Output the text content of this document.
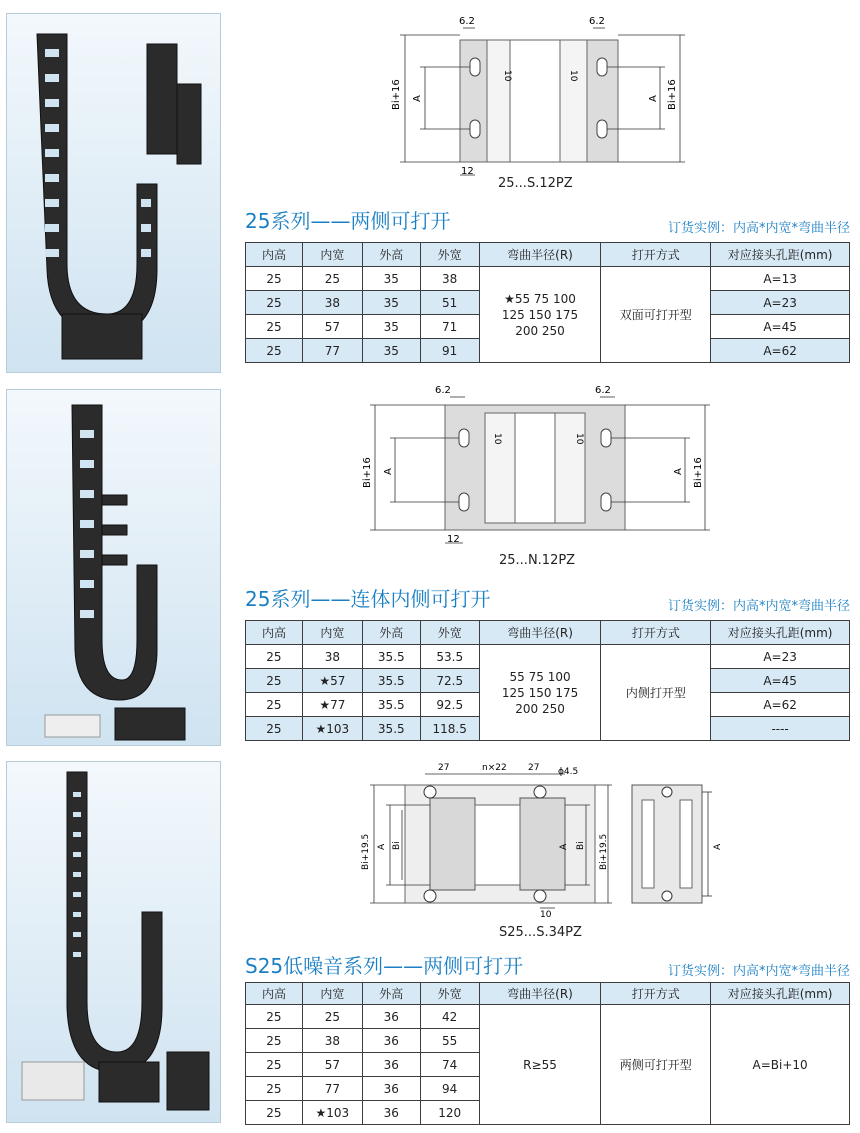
6.2	6.2
10	10
Bi+16 A	Bi+16
A
12
25...S.12PZ
25系列——两侧可打开	订货实例：内高*内宽*弯曲半径
内高	内宽	外高	外宽	弯曲半径(R)	打开方式	对应接头孔距(mm)
25	25	35	38	★55 75 100
125 150 175
200 250	双面可打开型	A=13
25	38	35	51			A=23
25	57	35	71			A=45
25	77	35	91			A=62
6.2	6.2
10	10
Bi+16 A	Bi+16
A
12
25...N.12PZ
25系列——连体内侧可打开	订货实例：内高*内宽*弯曲半径
内高	内宽	外高	外宽	弯曲半径(R)	打开方式	对应接头孔距(mm)
25	38	35.5	53.5	55 75 100
125 150 175
200 250	内侧打开型	A=23
25	★57	35.5	72.5			A=45
25	★77	35.5	92.5			A=62
25	★103	35.5	118.5			----
27	n×22 27 ϕ4.5
Bi+19.5 A Bi	Bi+19.5
Bi
A	A
10
S25...S.34PZ
S25低噪音系列——两侧可打开	订货实例：内高*内宽*弯曲半径
内高	内宽	外高	外宽	弯曲半径(R)	打开方式	对应接头孔距(mm)
25	25	36	42	R≥55	两侧可打开型	A=Bi+10
25	38	36	55			
25	57	36	74			
25	77	36	94			
25	★103	36	120			
